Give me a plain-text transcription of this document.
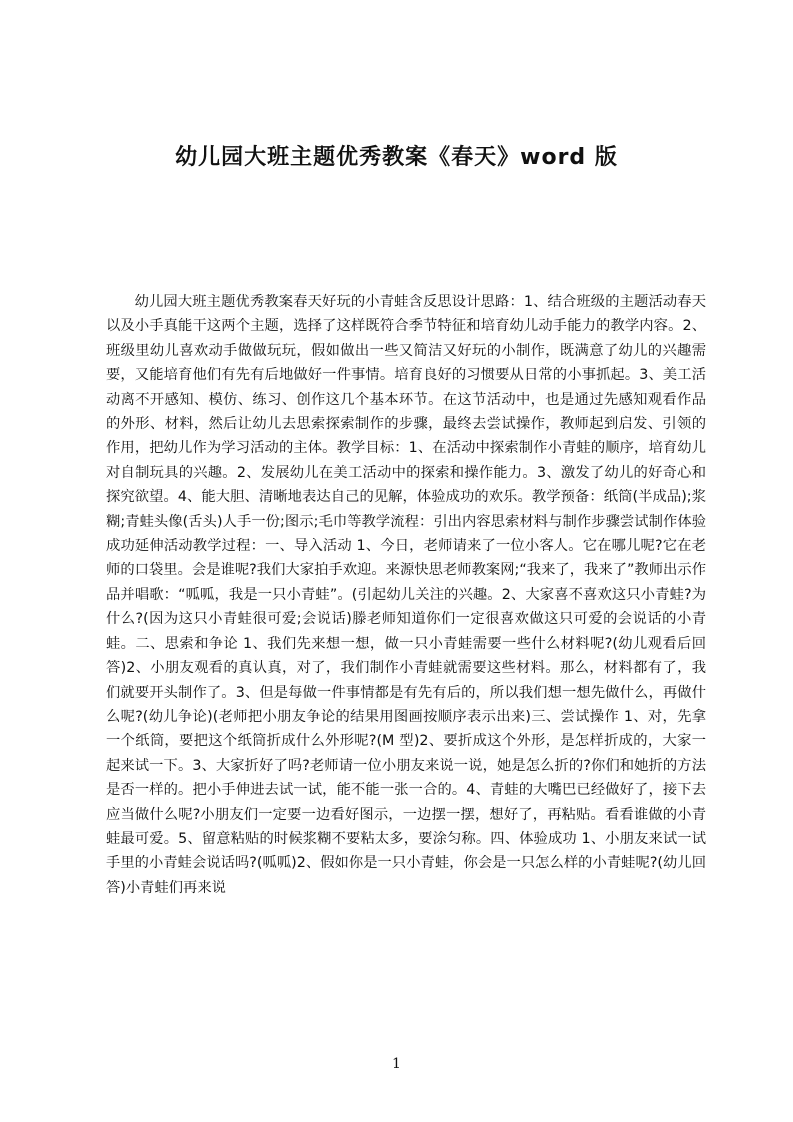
幼儿园大班主题优秀教案《春天》word 版

幼儿园大班主题优秀教案春天好玩的小青蛙含反思设计思路：1、结合班级的主题活动春天以及小手真能干这两个主题，选择了这样既符合季节特征和培育幼儿动手能力的教学内容。2、班级里幼儿喜欢动手做做玩玩，假如做出一些又简洁又好玩的小制作，既满意了幼儿的兴趣需要，又能培育他们有先有后地做好一件事情。培育良好的习惯要从日常的小事抓起。3、美工活动离不开感知、模仿、练习、创作这几个基本环节。在这节活动中，也是通过先感知观看作品的外形、材料，然后让幼儿去思索探索制作的步骤，最终去尝试操作，教师起到启发、引领的作用，把幼儿作为学习活动的主体。教学目标：1、在活动中探索制作小青蛙的顺序，培育幼儿对自制玩具的兴趣。2、发展幼儿在美工活动中的探索和操作能力。3、激发了幼儿的好奇心和探究欲望。4、能大胆、清晰地表达自己的见解，体验成功的欢乐。教学预备：纸筒(半成品);浆糊;青蛙头像(舌头)人手一份;图示;毛巾等教学流程：引出内容思索材料与制作步骤尝试制作体验成功延伸活动教学过程：一、导入活动 1、今日，老师请来了一位小客人。它在哪儿呢?它在老师的口袋里。会是谁呢?我们大家拍手欢迎。来源快思老师教案网;“我来了，我来了”教师出示作品并唱歌：“呱呱，我是一只小青蛙”。(引起幼儿关注的兴趣。2、大家喜不喜欢这只小青蛙?为什么?(因为这只小青蛙很可爱;会说话)滕老师知道你们一定很喜欢做这只可爱的会说话的小青蛙。二、思索和争论 1、我们先来想一想，做一只小青蛙需要一些什么材料呢?(幼儿观看后回答)2、小朋友观看的真认真，对了，我们制作小青蛙就需要这些材料。那么，材料都有了，我们就要开头制作了。3、但是每做一件事情都是有先有后的，所以我们想一想先做什么，再做什么呢?(幼儿争论)(老师把小朋友争论的结果用图画按顺序表示出来)三、尝试操作 1、对，先拿一个纸筒，要把这个纸筒折成什么外形呢?(M 型)2、要折成这个外形，是怎样折成的，大家一起来试一下。3、大家折好了吗?老师请一位小朋友来说一说，她是怎么折的?你们和她折的方法是否一样的。把小手伸进去试一试，能不能一张一合的。4、青蛙的大嘴巴已经做好了，接下去应当做什么呢?小朋友们一定要一边看好图示，一边摆一摆，想好了，再粘贴。看看谁做的小青蛙最可爱。5、留意粘贴的时候浆糊不要粘太多，要涂匀称。四、体验成功 1、小朋友来试一试手里的小青蛙会说话吗?(呱呱)2、假如你是一只小青蛙，你会是一只怎么样的小青蛙呢?(幼儿回答)小青蛙们再来说

1
